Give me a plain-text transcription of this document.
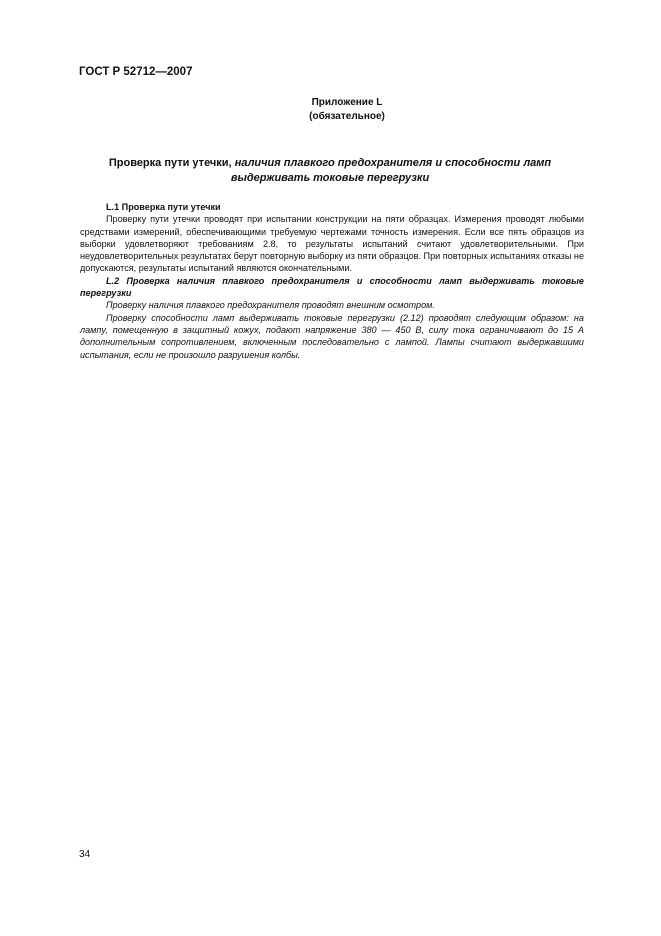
ГОСТ Р 52712—2007
Приложение L
(обязательное)
Проверка пути утечки, наличия плавкого предохранителя и способности ламп выдерживать токовые перегрузки

L.1 Проверка пути утечки

Проверку пути утечки проводят при испытании конструкции на пяти образцах. Измерения проводят любыми средствами измерений, обеспечивающими требуемую чертежами точность измерения. Если все пять образцов из выборки удовлетворяют требованиям 2.8, то результаты испытаний считают удовлетворительными. При неудовлетворительных результатах берут повторную выборку из пяти образцов. При повторных испытаниях отказы не допускаются, результаты испытаний являются окончательными.

L.2 Проверка наличия плавкого предохранителя и способности ламп выдерживать токовые перегрузки

Проверку наличия плавкого предохранителя проводят внешним осмотром.

Проверку способности ламп выдерживать токовые перегрузки (2.12) проводят следующим образом: на лампу, помещенную в защитный кожух, подают напряжение 380 — 450 В, силу тока ограничивают до 15 А дополнительным сопротивлением, включенным последовательно с лампой. Лампы считают выдержавшими испытания, если не произошло разрушения колбы.

34
